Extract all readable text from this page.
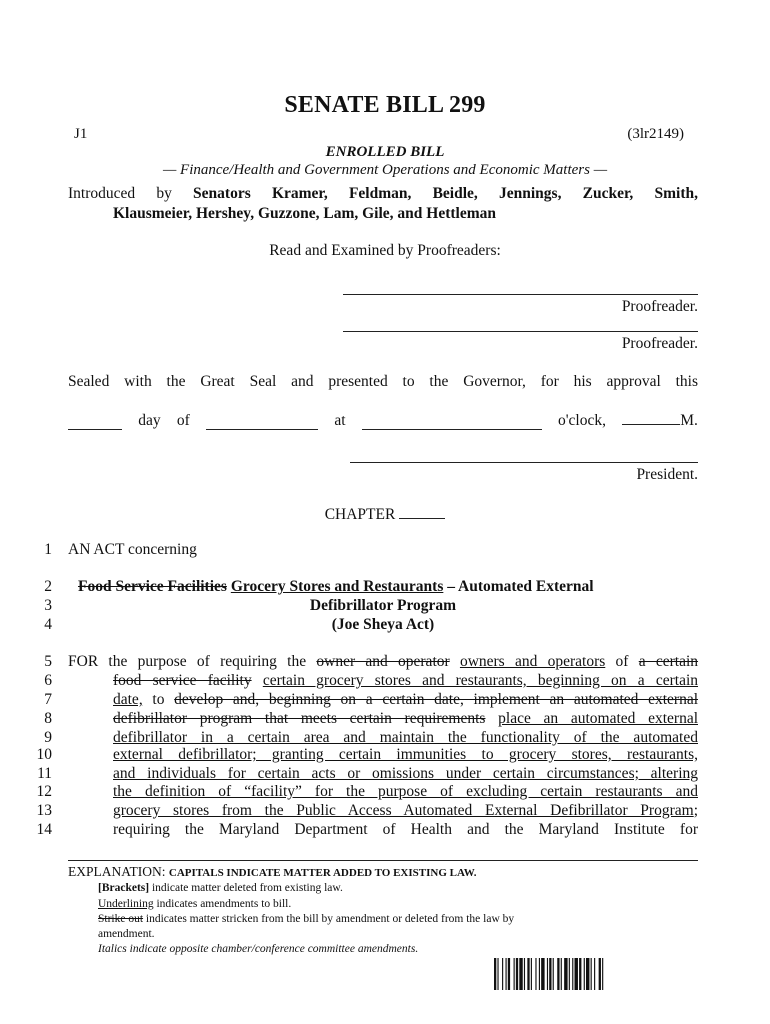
SENATE BILL 299
J1	(3lr2149)
ENROLLED BILL
— Finance/Health and Government Operations and Economic Matters —
Introduced by Senators Kramer, Feldman, Beidle, Jennings, Zucker, Smith,
Klausmeier, Hershey, Guzzone, Lam, Gile, and Hettleman
Read and Examined by Proofreaders:
Proofreader.
Proofreader.
Sealed with the Great Seal and presented to the Governor, for his approval this
day of	at	o'clock,	M.
President.
CHAPTER
1
2
3
4
5
6
7
8
9
10
11
12
13
14
AN ACT concerning
Food Service Facilities Grocery Stores and Restaurants – Automated External
Defibrillator Program
(Joe Sheya Act)
FOR the purpose of requiring the owner and operator owners and operators of a certain
food service facility certain grocery stores and restaurants, beginning on a certain
date, to develop and, beginning on a certain date, implement an automated external
defibrillator program that meets certain requirements place an automated external
defibrillator in a certain area and maintain the functionality of the automated
external defibrillator; granting certain immunities to grocery stores, restaurants,
and individuals for certain acts or omissions under certain circumstances; altering
the definition of “facility” for the purpose of excluding certain restaurants and
grocery stores from the Public Access Automated External Defibrillator Program;
requiring the Maryland Department of Health and the Maryland Institute for
EXPLANATION: CAPITALS INDICATE MATTER ADDED TO EXISTING LAW.
[Brackets] indicate matter deleted from existing law.
Underlining indicates amendments to bill.
Strike out indicates matter stricken from the bill by amendment or deleted from the law by
amendment.
Italics indicate opposite chamber/conference committee amendments.
